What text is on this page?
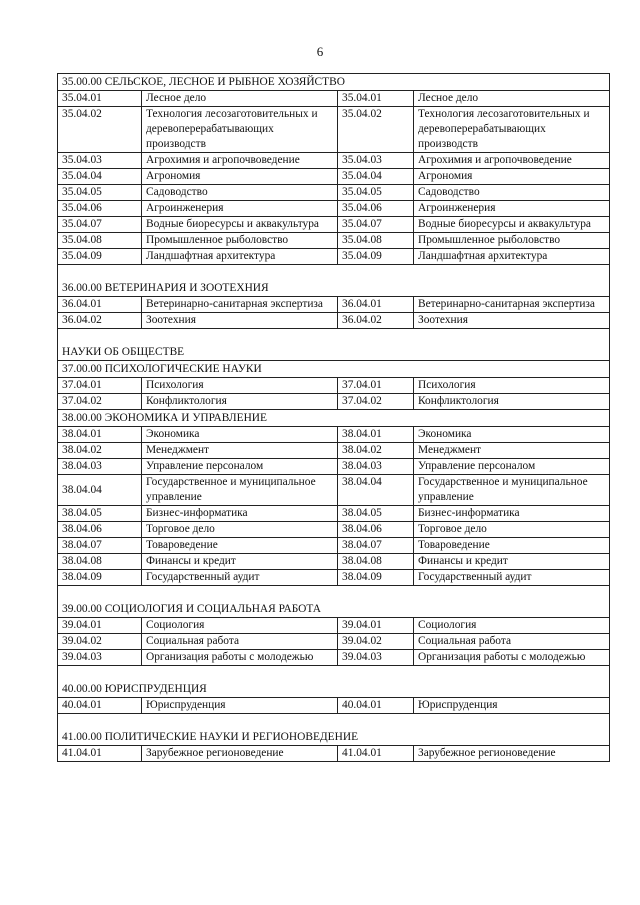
6
35.00.00 СЕЛЬСКОЕ, ЛЕСНОЕ И РЫБНОЕ ХОЗЯЙСТВО			
35.04.01	Лесное дело	35.04.01	Лесное дело
35.04.02	Технология лесозаготовительных и деревоперерабатывающих производств	35.04.02	Технология лесозаготовительных и деревоперерабатывающих производств
35.04.03	Агрохимия и агропочвоведение	35.04.03	Агрохимия и агропочвоведение
35.04.04	Агрономия	35.04.04	Агрономия
35.04.05	Садоводство	35.04.05	Садоводство
35.04.06	Агроинженерия	35.04.06	Агроинженерия
35.04.07	Водные биоресурсы и аквакультура	35.04.07	Водные биоресурсы и аквакультура
35.04.08	Промышленное рыболовство	35.04.08	Промышленное рыболовство
35.04.09	Ландшафтная архитектура	35.04.09	Ландшафтная архитектура
36.00.00 ВЕТЕРИНАРИЯ И ЗООТЕХНИЯ			
36.04.01	Ветеринарно-санитарная экспертиза	36.04.01	Ветеринарно-санитарная экспертиза
36.04.02	Зоотехния	36.04.02	Зоотехния
НАУКИ ОБ ОБЩЕСТВЕ			
37.00.00 ПСИХОЛОГИЧЕСКИЕ НАУКИ			
37.04.01	Психология	37.04.01	Психология
37.04.02	Конфликтология	37.04.02	Конфликтология
38.00.00 ЭКОНОМИКА И УПРАВЛЕНИЕ			
38.04.01	Экономика	38.04.01	Экономика
38.04.02	Менеджмент	38.04.02	Менеджмент
38.04.03	Управление персоналом	38.04.03	Управление персоналом
38.04.04	Государственное и муниципальное управление	38.04.04	Государственное и муниципальное управление
38.04.05	Бизнес-информатика	38.04.05	Бизнес-информатика
38.04.06	Торговое дело	38.04.06	Торговое дело
38.04.07	Товароведение	38.04.07	Товароведение
38.04.08	Финансы и кредит	38.04.08	Финансы и кредит
38.04.09	Государственный аудит	38.04.09	Государственный аудит
39.00.00 СОЦИОЛОГИЯ И СОЦИАЛЬНАЯ РАБОТА			
39.04.01	Социология	39.04.01	Социология
39.04.02	Социальная работа	39.04.02	Социальная работа
39.04.03	Организация работы с молодежью	39.04.03	Организация работы с молодежью
40.00.00 ЮРИСПРУДЕНЦИЯ			
40.04.01	Юриспруденция	40.04.01	Юриспруденция
41.00.00 ПОЛИТИЧЕСКИЕ НАУКИ И РЕГИОНОВЕДЕНИЕ			
41.04.01	Зарубежное регионоведение	41.04.01	Зарубежное регионоведение
